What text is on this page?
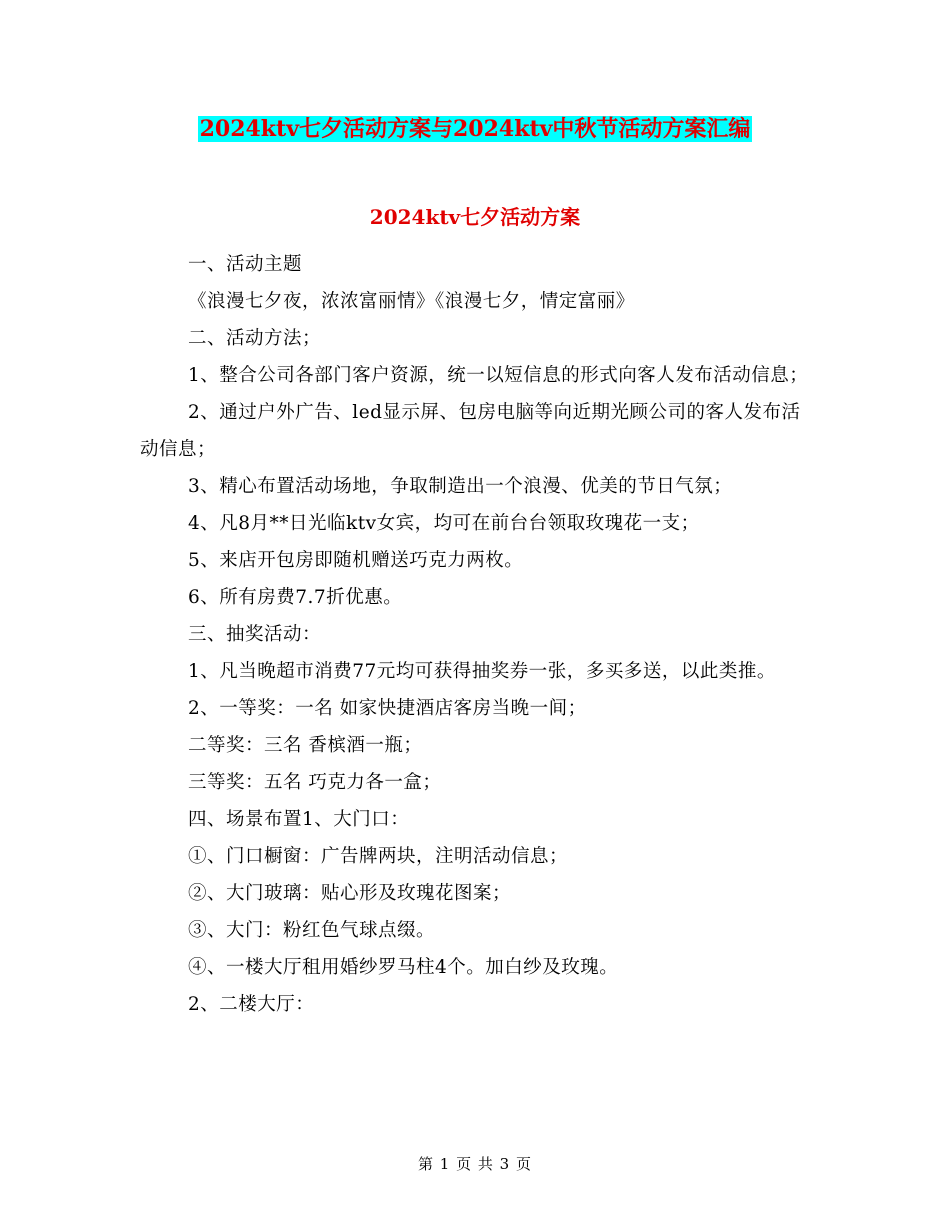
2024ktv七夕活动方案与2024ktv中秋节活动方案汇编
2024ktv七夕活动方案

一、活动主题

《浪漫七夕夜，浓浓富丽情》《浪漫七夕，情定富丽》

二、活动方法；

1、整合公司各部门客户资源，统一以短信息的形式向客人发布活动信息；

2、通过户外广告、led显示屏、包房电脑等向近期光顾公司的客人发布活动信息；

3、精心布置活动场地，争取制造出一个浪漫、优美的节日气氛；

4、凡8月**日光临ktv女宾，均可在前台台领取玫瑰花一支；

5、来店开包房即随机赠送巧克力两枚。

6、所有房费7.7折优惠。

三、抽奖活动：

1、凡当晚超市消费77元均可获得抽奖券一张，多买多送，以此类推。

2、一等奖：一名 如家快捷酒店客房当晚一间；

二等奖：三名 香槟酒一瓶；

三等奖：五名 巧克力各一盒；

四、场景布置1、大门口：

①、门口橱窗：广告牌两块，注明活动信息；

②、大门玻璃：贴心形及玫瑰花图案；

③、大门：粉红色气球点缀。

④、一楼大厅租用婚纱罗马柱4个。加白纱及玫瑰。

2、二楼大厅：

第 1 页 共 3 页
